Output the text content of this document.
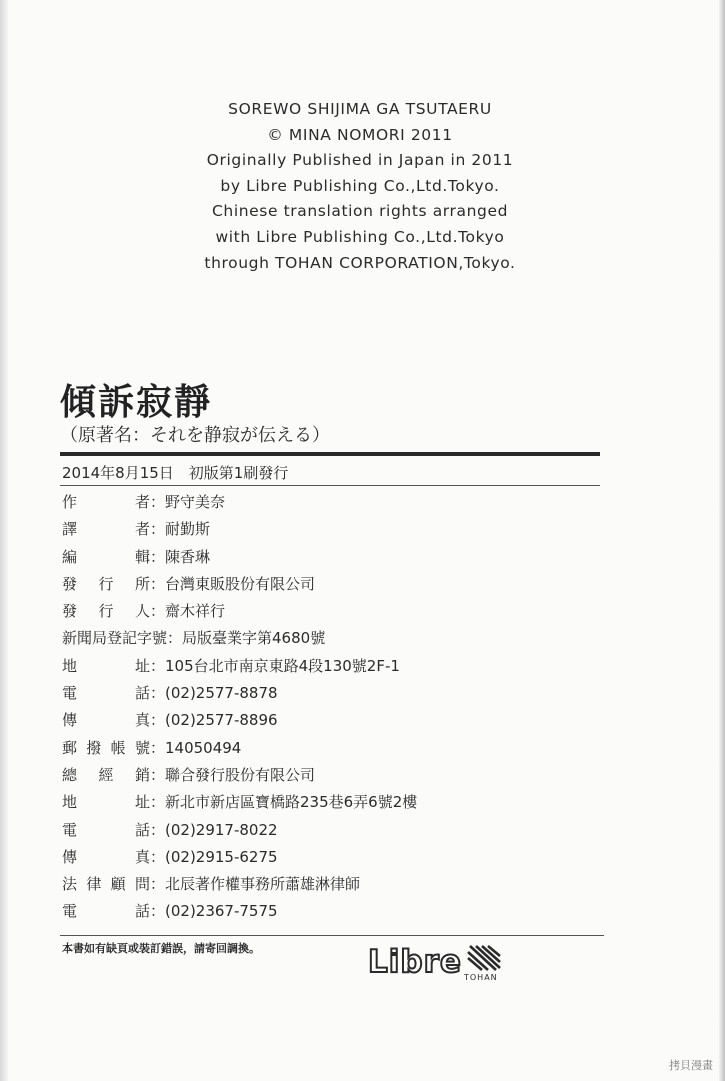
SOREWO SHIJIMA GA TSUTAERU
© MINA NOMORI 2011
Originally Published in Japan in 2011
by Libre Publishing Co.,Ltd.Tokyo.
Chinese translation rights arranged
with Libre Publishing Co.,Ltd.Tokyo
through TOHAN CORPORATION,Tokyo.
傾訴寂靜
（原著名：それを静寂が伝える）
2014年8月15日　初版第1刷發行
作　　者 ：野守美奈
譯　　者 ：耐勤斯
編　　輯 ：陳香琳
發 行 所 ：台灣東販股份有限公司
發 行 人 ：齋木祥行
新聞局登記字號 ：局版臺業字第4680號
地　　址 ：105台北市南京東路4段130號2F-1
電　　話 ：(02)2577-8878
傳　　真 ：(02)2577-8896
郵撥帳號 ：14050494
總 經 銷 ：聯合發行股份有限公司
地　　址 ：新北市新店區寶橋路235巷6弄6號2樓
電　　話 ：(02)2917-8022
傳　　真 ：(02)2915-6275
法律顧問 ：北辰著作權事務所蕭雄淋律師
電　　話 ：(02)2367-7575
本書如有缺頁或裝訂錯誤，請寄回調換。	Libre TOHAN
拷貝漫畫
